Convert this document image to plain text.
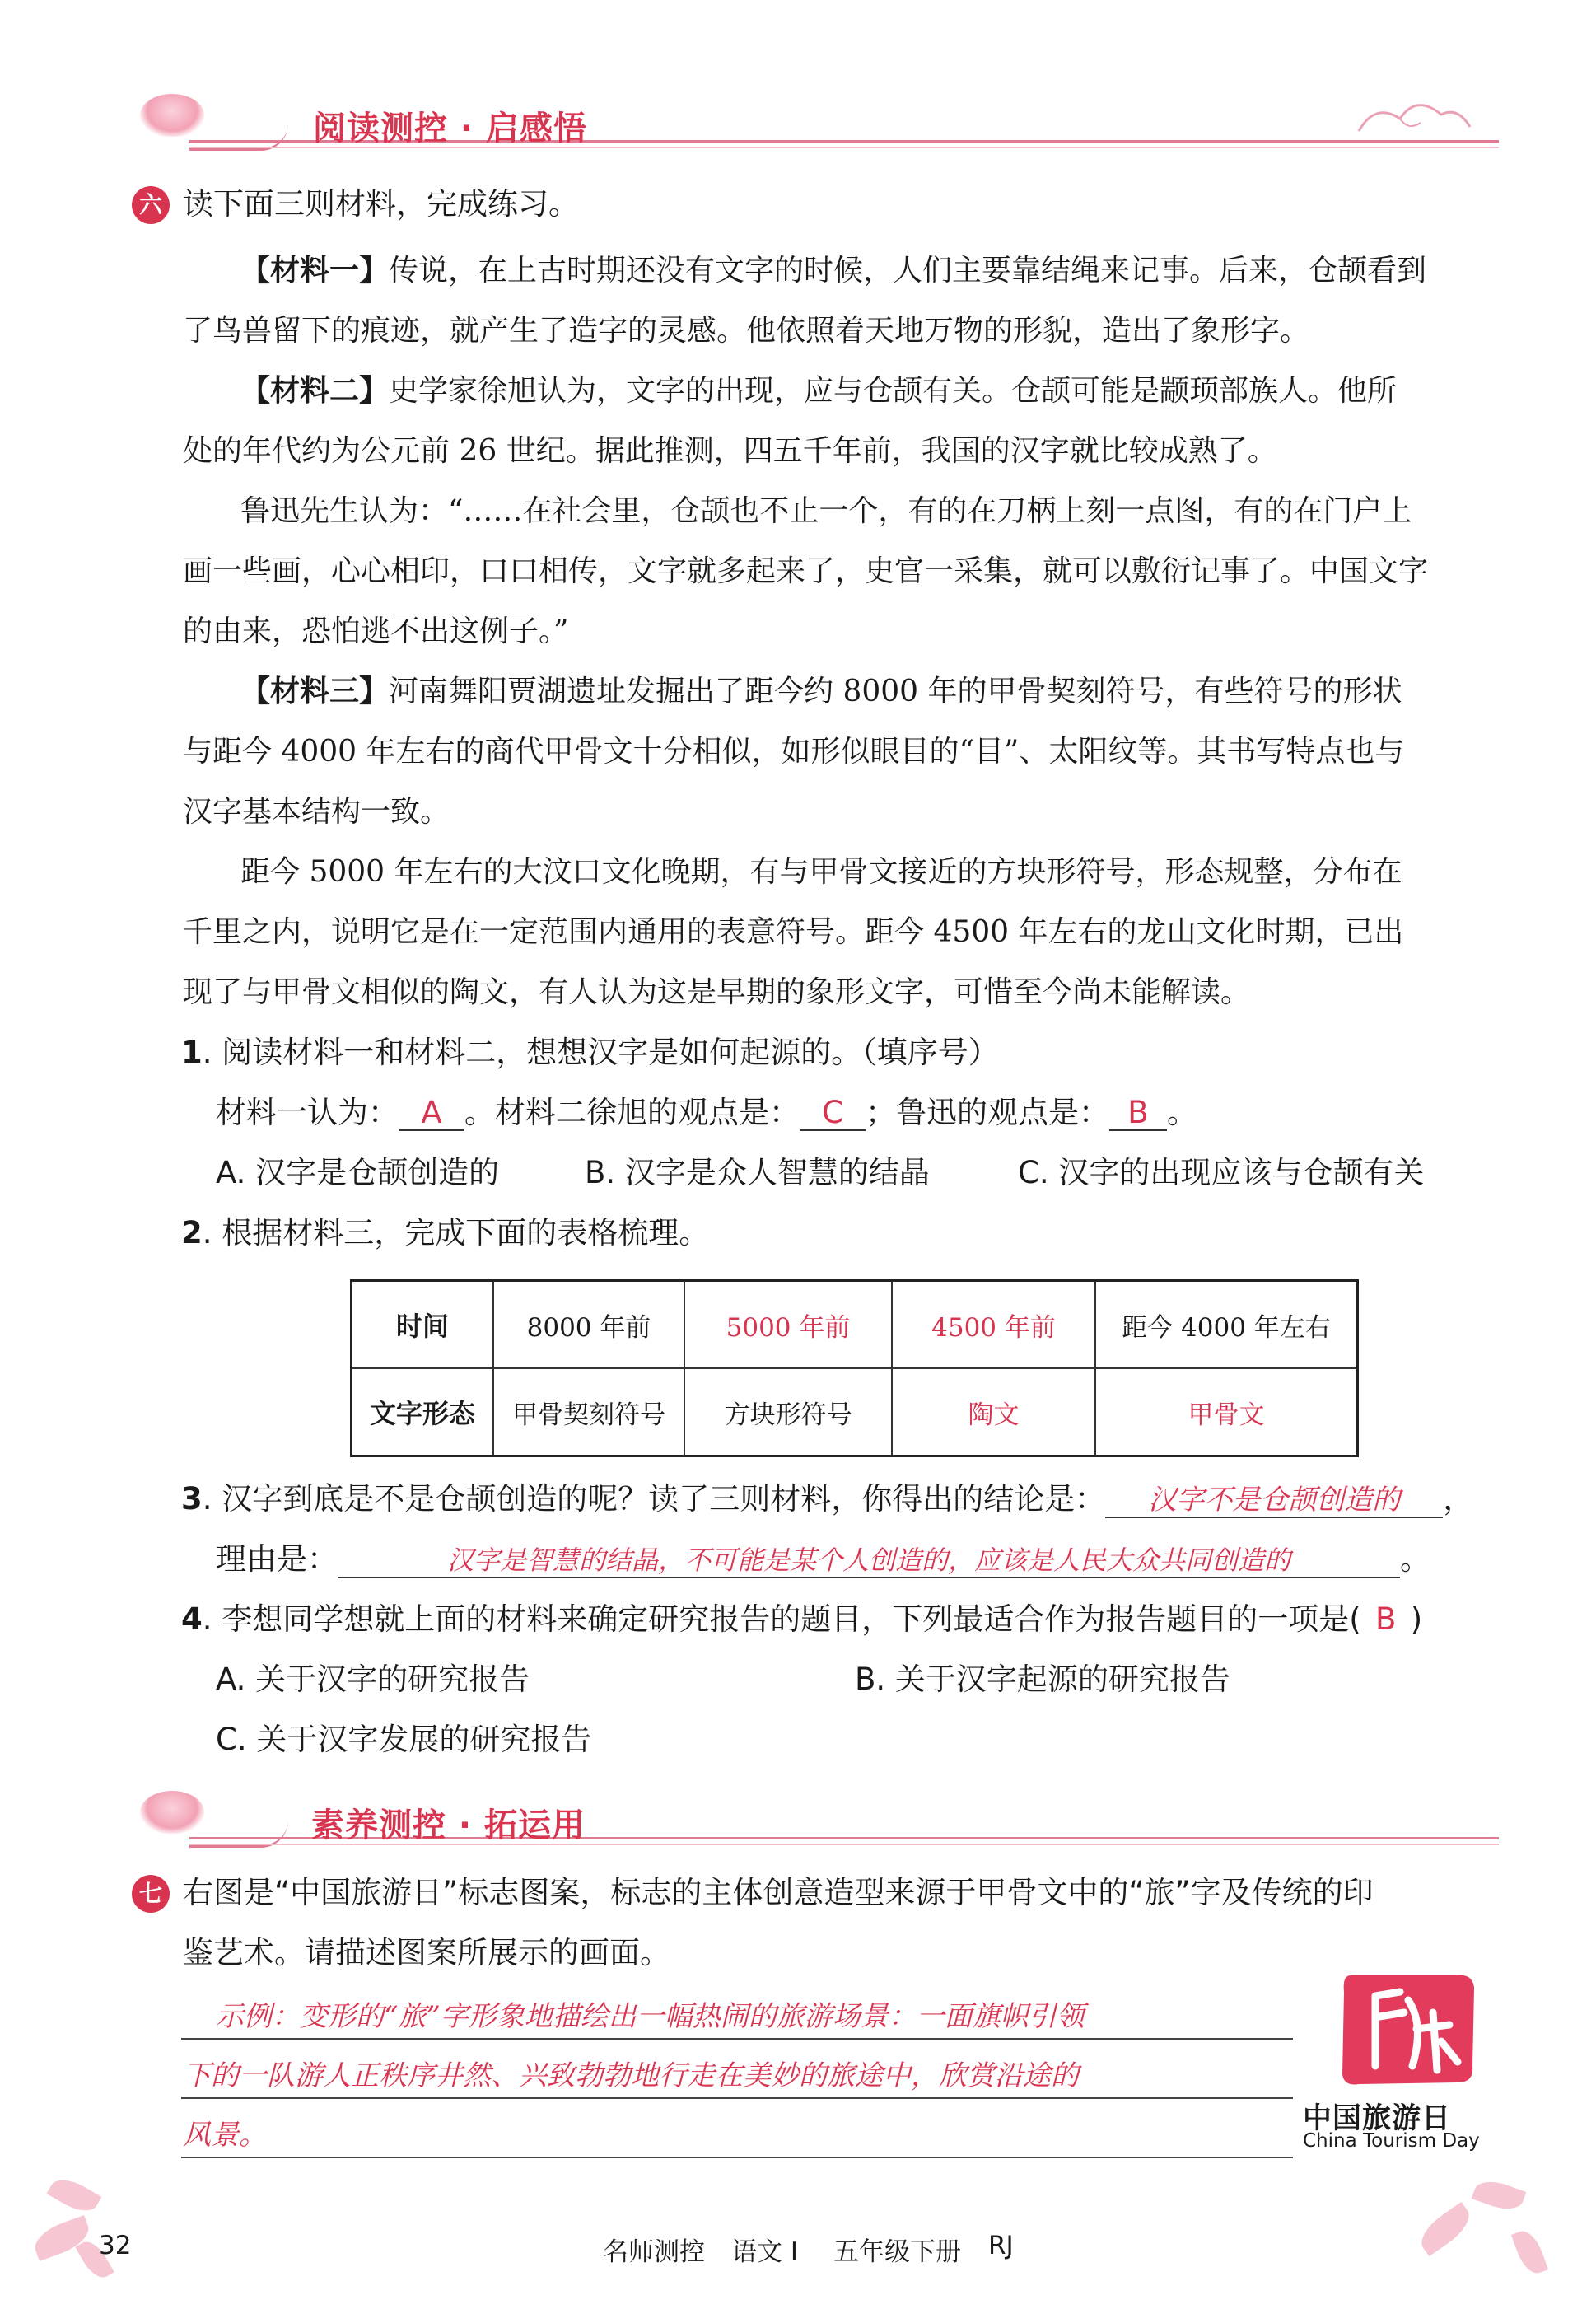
阅读测控 · 启感悟
六 读下面三则材料，完成练习。
【材料一】传说，在上古时期还没有文字的时候，人们主要靠结绳来记事。后来，仓颉看到
了鸟兽留下的痕迹，就产生了造字的灵感。他依照着天地万物的形貌，造出了象形字。
【材料二】史学家徐旭认为，文字的出现，应与仓颉有关。仓颉可能是颛顼部族人。他所
处的年代约为公元前 26 世纪。据此推测，四五千年前，我国的汉字就比较成熟了。
鲁迅先生认为：“……在社会里，仓颉也不止一个，有的在刀柄上刻一点图，有的在门户上
画一些画，心心相印，口口相传，文字就多起来了，史官一采集，就可以敷衍记事了。中国文字
的由来，恐怕逃不出这例子。”
【材料三】河南舞阳贾湖遗址发掘出了距今约 8000 年的甲骨契刻符号，有些符号的形状
与距今 4000 年左右的商代甲骨文十分相似，如形似眼目的“目”、太阳纹等。其书写特点也与
汉字基本结构一致。
距今 5000 年左右的大汶口文化晚期，有与甲骨文接近的方块形符号，形态规整，分布在
千里之内，说明它是在一定范围内通用的表意符号。距今 4500 年左右的龙山文化时期，已出
现了与甲骨文相似的陶文，有人认为这是早期的象形文字，可惜至今尚未能解读。
1. 阅读材料一和材料二，想想汉字是如何起源的。（填序号）
材料一认为： A 。材料二徐旭的观点是： C ；鲁迅的观点是： B 。
A. 汉字是仓颉创造的	B. 汉字是众人智慧的结晶	C. 汉字的出现应该与仓颉有关
2. 根据材料三，完成下面的表格梳理。
时间	8000 年前	5000 年前	4500 年前	距今 4000 年左右
文字形态	甲骨契刻符号	方块形符号	陶文	甲骨文
3. 汉字到底是不是仓颉创造的呢？读了三则材料，你得出的结论是： 汉字不是仓颉创造的 ，
理由是：	汉字是智慧的结晶，不可能是某个人创造的，应该是人民大众共同创造的	。
4. 李想同学想就上面的材料来确定研究报告的题目，下列最适合作为报告题目的一项是( B )
A. 关于汉字的研究报告	B. 关于汉字起源的研究报告
C. 关于汉字发展的研究报告
素养测控 · 拓运用
七 右图是“中国旅游日”标志图案，标志的主体创意造型来源于甲骨文中的“旅”字及传统的印
鉴艺术。请描述图案所展示的画面。
示例：变形的“旅”字形象地描绘出一幅热闹的旅游场景：一面旗帜引领
下的一队游人正秩序井然、兴致勃勃地行走在美妙的旅途中，欣赏沿途的
风景。	中国旅游日
China Tourism Day
32	名师测控 语文 Ⅰ 五年级下册 RJ
